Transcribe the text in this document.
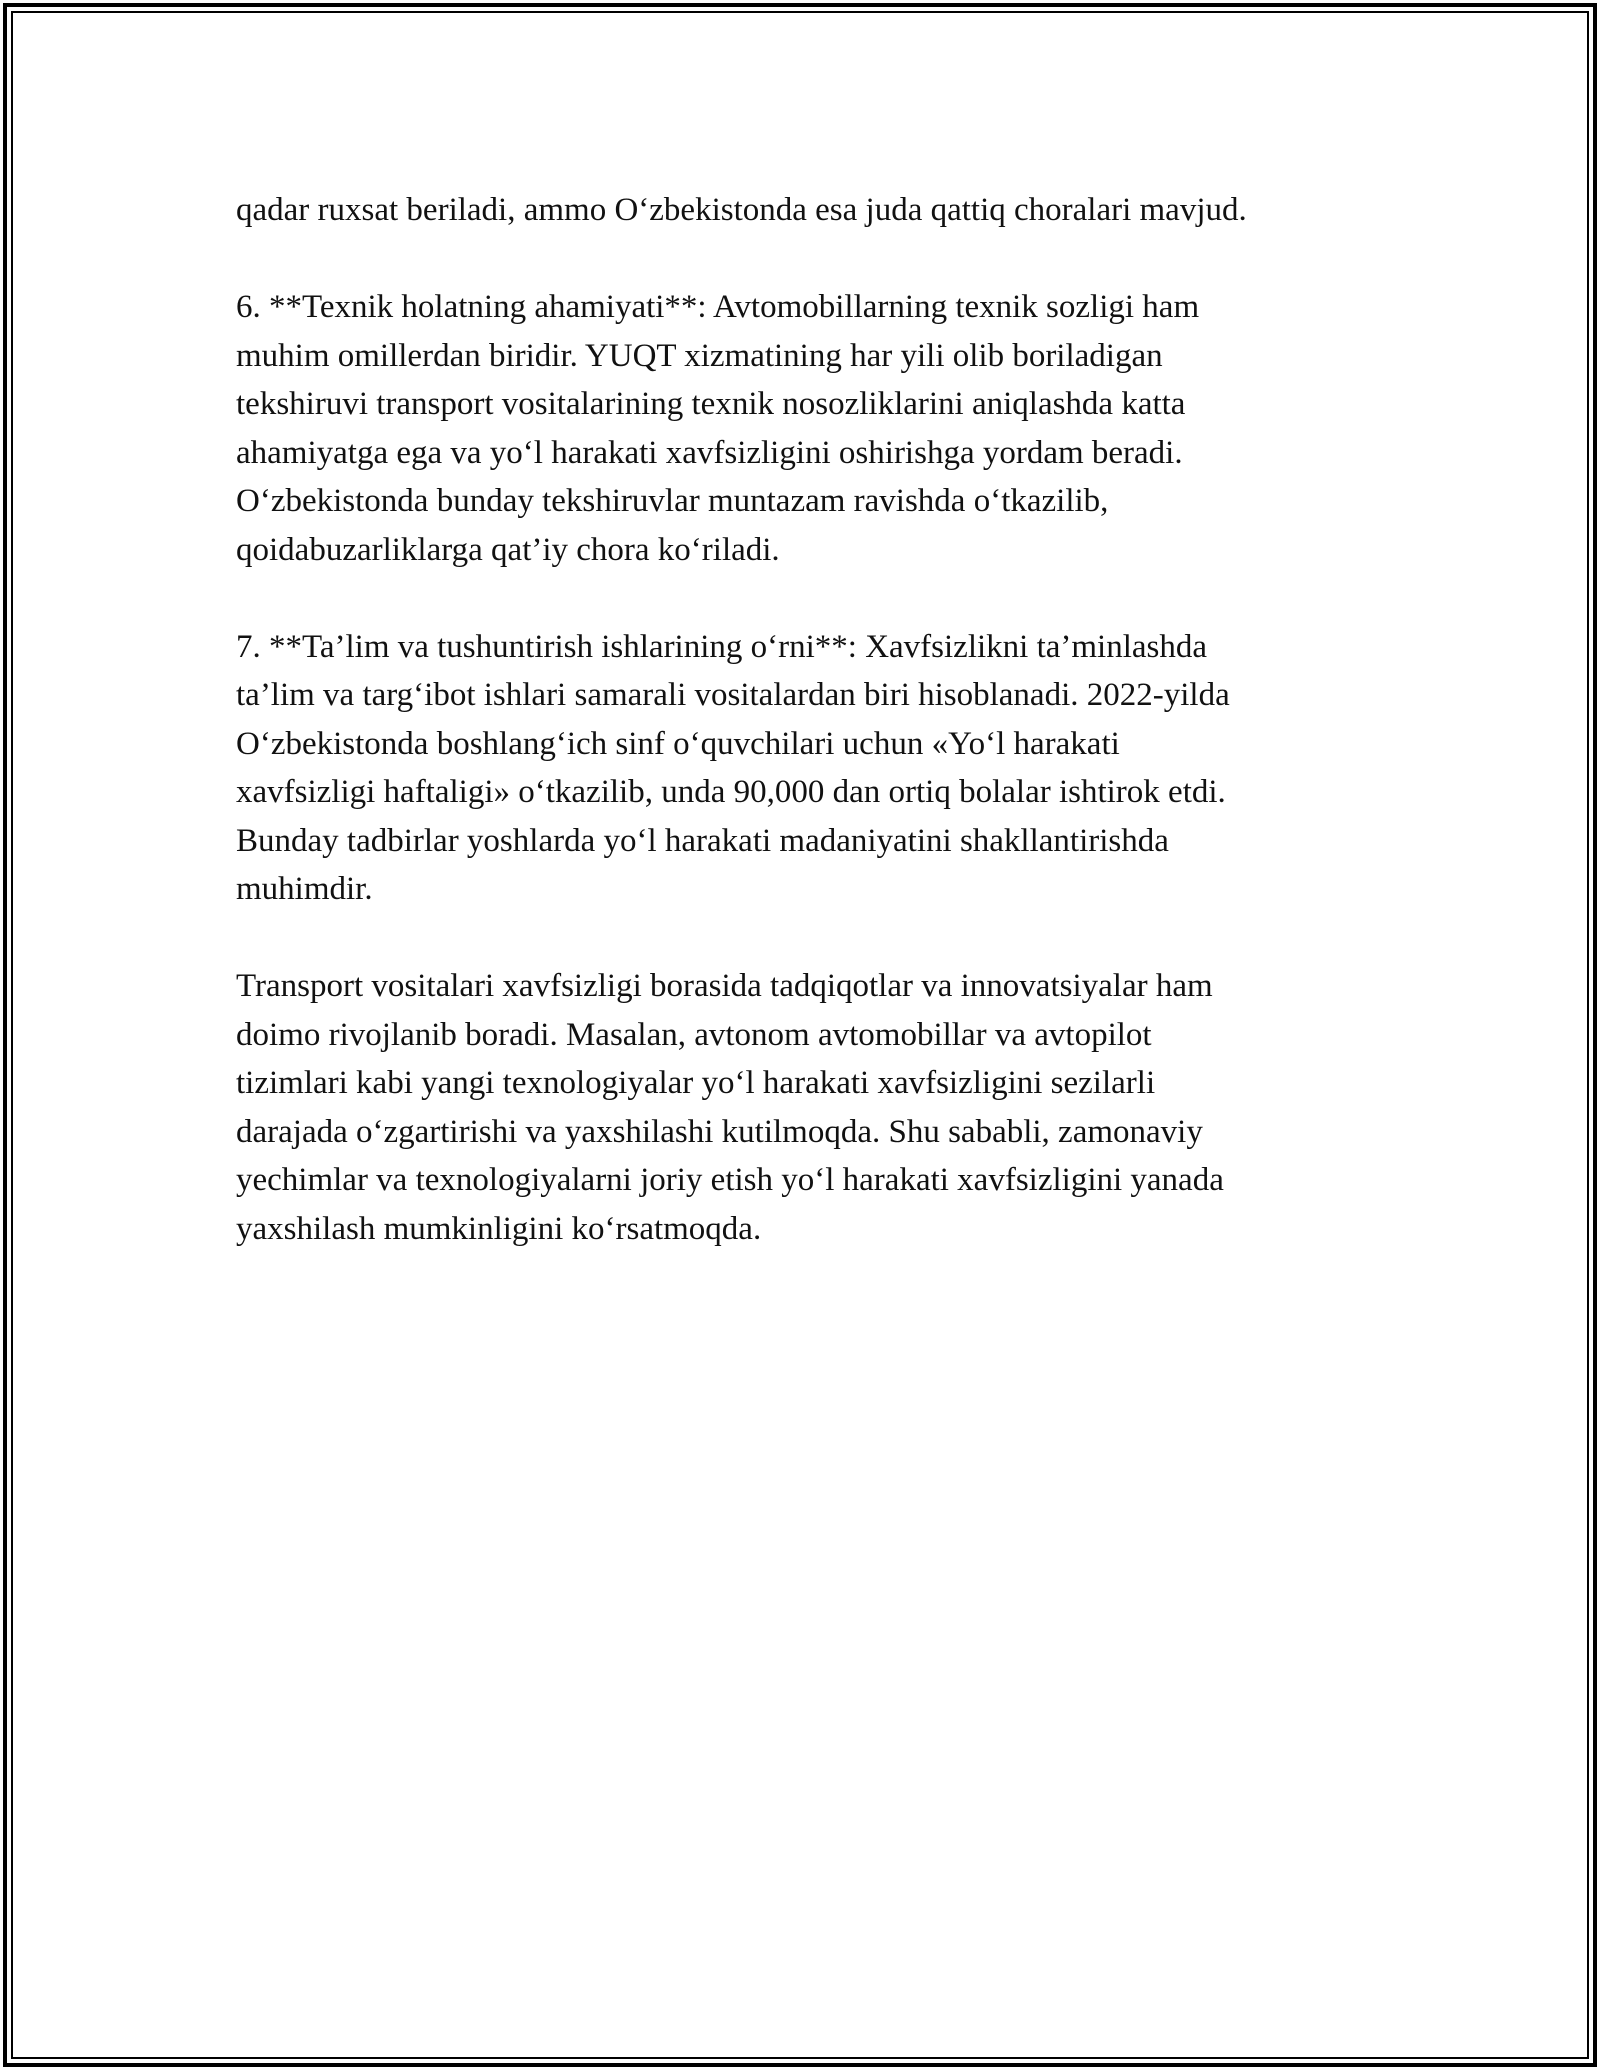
qadar ruxsat beriladi, ammo O‘zbekistonda esa juda qattiq choralari mavjud.

6. **Texnik holatning ahamiyati**: Avtomobillarning texnik sozligi ham
muhim omillerdan biridir. YUQT xizmatining har yili olib boriladigan
tekshiruvi transport vositalarining texnik nosozliklarini aniqlashda katta
ahamiyatga ega va yo‘l harakati xavfsizligini oshirishga yordam beradi.
O‘zbekistonda bunday tekshiruvlar muntazam ravishda o‘tkazilib,
qoidabuzarliklarga qat’iy chora ko‘riladi.

7. **Ta’lim va tushuntirish ishlarining o‘rni**: Xavfsizlikni ta’minlashda
ta’lim va targ‘ibot ishlari samarali vositalardan biri hisoblanadi. 2022-yilda
O‘zbekistonda boshlang‘ich sinf o‘quvchilari uchun «Yo‘l harakati
xavfsizligi haftaligi» o‘tkazilib, unda 90,000 dan ortiq bolalar ishtirok etdi.
Bunday tadbirlar yoshlarda yo‘l harakati madaniyatini shakllantirishda
muhimdir.

Transport vositalari xavfsizligi borasida tadqiqotlar va innovatsiyalar ham
doimo rivojlanib boradi. Masalan, avtonom avtomobillar va avtopilot
tizimlari kabi yangi texnologiyalar yo‘l harakati xavfsizligini sezilarli
darajada o‘zgartirishi va yaxshilashi kutilmoqda. Shu sababli, zamonaviy
yechimlar va texnologiyalarni joriy etish yo‘l harakati xavfsizligini yanada
yaxshilash mumkinligini ko‘rsatmoqda.
